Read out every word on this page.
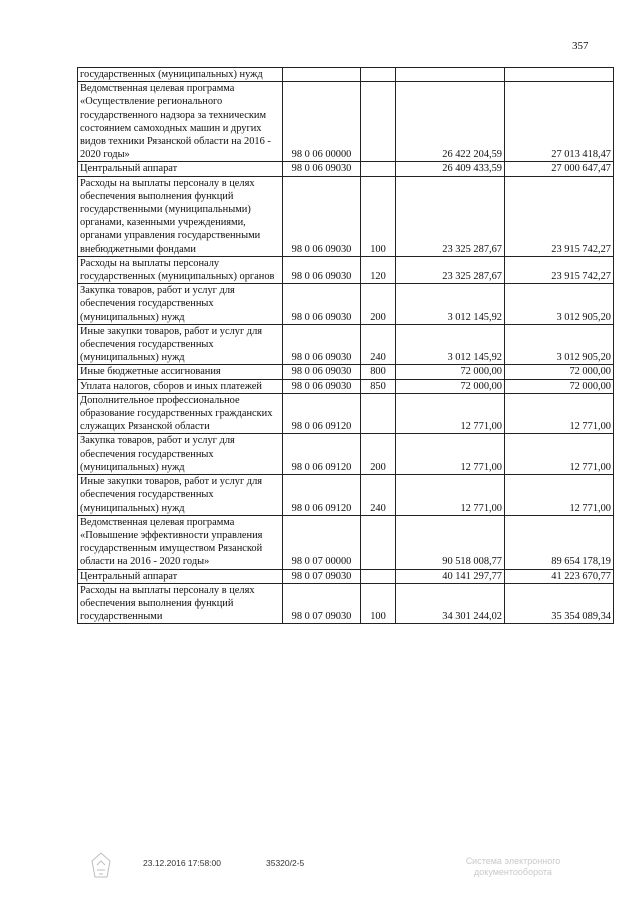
357
государственных (муниципальных) нужд				
Ведомственная целевая программа «Осуществление регионального государственного надзора за техническим состоянием самоходных машин и других видов техники Рязанской области на 2016 - 2020 годы»	98 0 06 00000		26 422 204,59	27 013 418,47
Центральный аппарат	98 0 06 09030		26 409 433,59	27 000 647,47
Расходы на выплаты персоналу в целях обеспечения выполнения функций государственными (муниципальными) органами, казенными учреждениями, органами управления государственными внебюджетными фондами	98 0 06 09030	100	23 325 287,67	23 915 742,27
Расходы на выплаты персоналу государственных (муниципальных) органов	98 0 06 09030	120	23 325 287,67	23 915 742,27
Закупка товаров, работ и услуг для обеспечения государственных (муниципальных) нужд	98 0 06 09030	200	3 012 145,92	3 012 905,20
Иные закупки товаров, работ и услуг для обеспечения государственных (муниципальных) нужд	98 0 06 09030	240	3 012 145,92	3 012 905,20
Иные бюджетные ассигнования	98 0 06 09030	800	72 000,00	72 000,00
Уплата налогов, сборов и иных платежей	98 0 06 09030	850	72 000,00	72 000,00
Дополнительное профессиональное образование государственных гражданских служащих Рязанской области	98 0 06 09120		12 771,00	12 771,00
Закупка товаров, работ и услуг для обеспечения государственных (муниципальных) нужд	98 0 06 09120	200	12 771,00	12 771,00
Иные закупки товаров, работ и услуг для обеспечения государственных (муниципальных) нужд	98 0 06 09120	240	12 771,00	12 771,00
Ведомственная целевая программа «Повышение эффективности управления государственным имуществом Рязанской области на 2016 - 2020 годы»	98 0 07 00000		90 518 008,77	89 654 178,19
Центральный аппарат	98 0 07 09030		40 141 297,77	41 223 670,77
Расходы на выплаты персоналу в целях обеспечения выполнения функций государственными	98 0 07 09030	100	34 301 244,02	35 354 089,34
23.12.2016 17:58:00	35320/2-5	Система электронного документооборота
